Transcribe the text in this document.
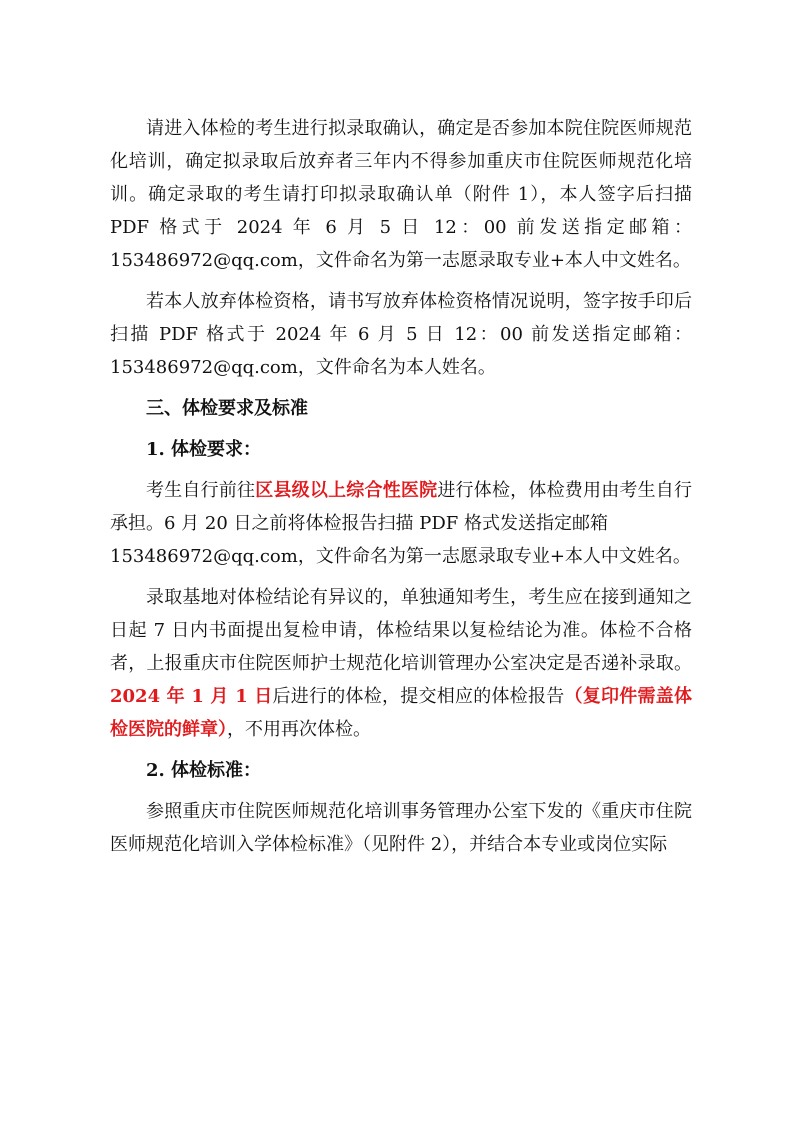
请进入体检的考生进行拟录取确认，确定是否参加本院住院医师规范化培训，确定拟录取后放弃者三年内不得参加重庆市住院医师规范化培训。确定录取的考生请打印拟录取确认单（附件 1），本人签字后扫描 PDF 格式于 2024 年 6 月 5 日 12：00 前发送指定邮箱：153486972@qq.com，文件命名为第一志愿录取专业+本人中文姓名。

若本人放弃体检资格，请书写放弃体检资格情况说明，签字按手印后

扫描 PDF 格式于 2024 年 6 月 5 日 12：00 前发送指定邮箱：

153486972@qq.com，文件命名为本人姓名。

三、体检要求及标准

1. 体检要求：

考生自行前往区县级以上综合性医院进行体检，体检费用由考生自行承担。6 月 20 日之前将体检报告扫描 PDF 格式发送指定邮箱

153486972@qq.com，文件命名为第一志愿录取专业+本人中文姓名。

录取基地对体检结论有异议的，单独通知考生，考生应在接到通知之日起 7 日内书面提出复检申请，体检结果以复检结论为准。体检不合格者，上报重庆市住院医师护士规范化培训管理办公室决定是否递补录取。2024 年 1 月 1 日后进行的体检，提交相应的体检报告（复印件需盖体检医院的鲜章），不用再次体检。

2. 体检标准：

参照重庆市住院医师规范化培训事务管理办公室下发的《重庆市住院医师规范化培训入学体检标准》（见附件 2），并结合本专业或岗位实际
